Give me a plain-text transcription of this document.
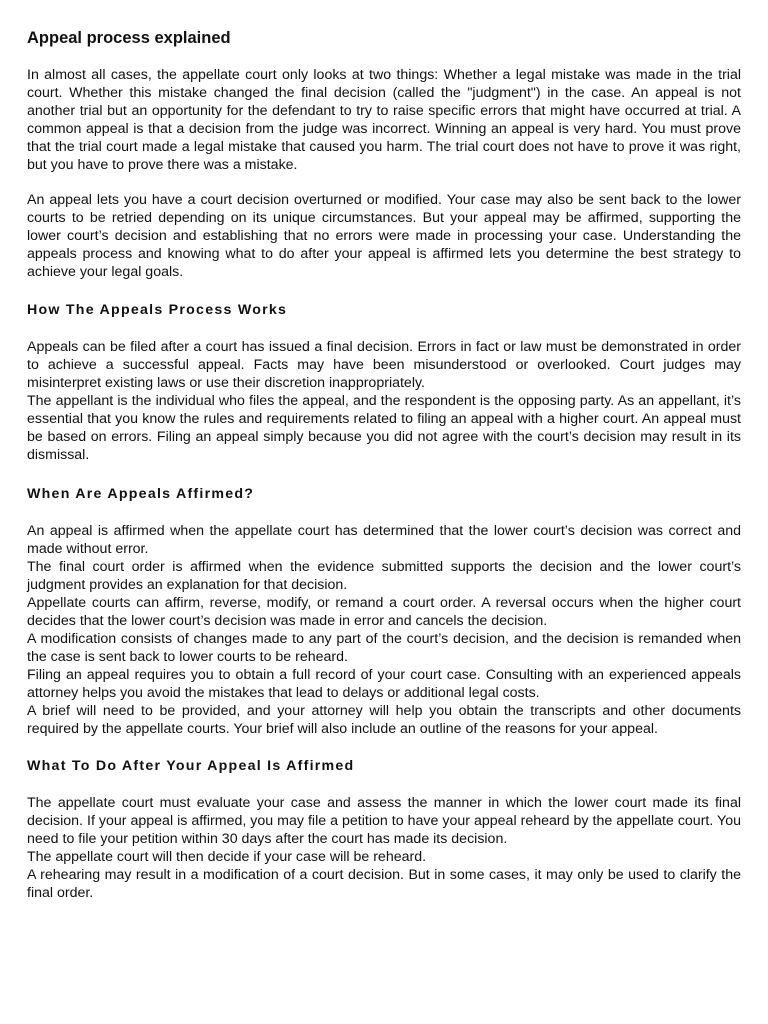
Appeal process explained

In almost all cases, the appellate court only looks at two things: Whether a legal mistake was made in the trial court. Whether this mistake changed the final decision (called the "judgment") in the case. An appeal is not another trial but an opportunity for the defendant to try to raise specific errors that might have occurred at trial. A common appeal is that a decision from the judge was incorrect. Winning an appeal is very hard. You must prove that the trial court made a legal mistake that caused you harm. The trial court does not have to prove it was right, but you have to prove there was a mistake.

An appeal lets you have a court decision overturned or modified. Your case may also be sent back to the lower courts to be retried depending on its unique circumstances. But your appeal may be affirmed, supporting the lower court’s decision and establishing that no errors were made in processing your case. Understanding the appeals process and knowing what to do after your appeal is affirmed lets you determine the best strategy to achieve your legal goals.

How The Appeals Process Works

Appeals can be filed after a court has issued a final decision. Errors in fact or law must be demonstrated in order to achieve a successful appeal. Facts may have been misunderstood or overlooked. Court judges may misinterpret existing laws or use their discretion inappropriately.

The appellant is the individual who files the appeal, and the respondent is the opposing party. As an appellant, it’s essential that you know the rules and requirements related to filing an appeal with a higher court. An appeal must be based on errors. Filing an appeal simply because you did not agree with the court’s decision may result in its dismissal.

When Are Appeals Affirmed?

An appeal is affirmed when the appellate court has determined that the lower court’s decision was correct and made without error.

The final court order is affirmed when the evidence submitted supports the decision and the lower court’s judgment provides an explanation for that decision.

Appellate courts can affirm, reverse, modify, or remand a court order. A reversal occurs when the higher court decides that the lower court’s decision was made in error and cancels the decision.

A modification consists of changes made to any part of the court’s decision, and the decision is remanded when the case is sent back to lower courts to be reheard.

Filing an appeal requires you to obtain a full record of your court case. Consulting with an experienced appeals attorney helps you avoid the mistakes that lead to delays or additional legal costs.

A brief will need to be provided, and your attorney will help you obtain the transcripts and other documents required by the appellate courts. Your brief will also include an outline of the reasons for your appeal.

What To Do After Your Appeal Is Affirmed

The appellate court must evaluate your case and assess the manner in which the lower court made its final decision. If your appeal is affirmed, you may file a petition to have your appeal reheard by the appellate court. You need to file your petition within 30 days after the court has made its decision.

The appellate court will then decide if your case will be reheard.

A rehearing may result in a modification of a court decision. But in some cases, it may only be used to clarify the final order.
